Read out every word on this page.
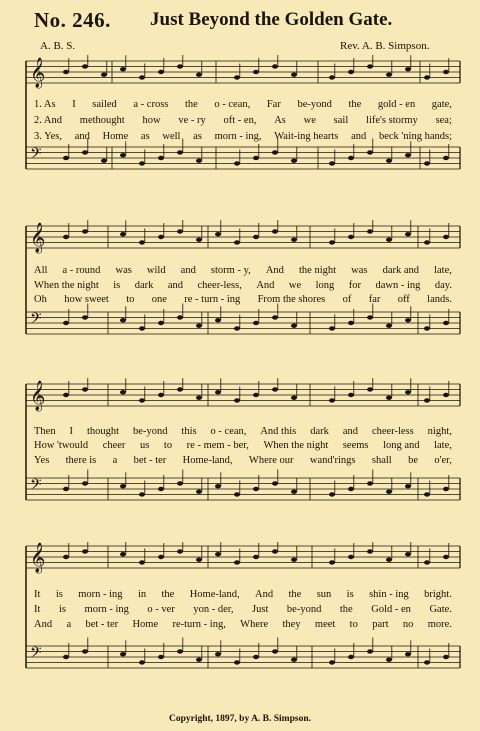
No. 246. Just Beyond the Golden Gate.
A. B. S.	Rev. A. B. Simpson.
𝄞
𝄢
1. As I sailed a - cross the o - cean, Far be-yond the gold - en gate,
2. And methought how ve - ry oft - en, As we sail life's stormy sea;
3. Yes, and Home as well as morn - ing, Wait-ing hearts and beck 'ning hands;
𝄞
𝄢
All a - round was wild and storm - y, And the night was dark and late,
When the night is dark and cheer-less, And we long for dawn - ing day.
Oh how sweet to one re - turn - ing From the shores of far off lands.
𝄞
𝄢
Then I thought be-yond this o - cean, And this dark and cheer-less night,
How 'twould cheer us to re - mem - ber, When the night seems long and late,
Yes there is a bet - ter Home-land, Where our wand'rings shall be o'er,
𝄞
𝄢
It is morn - ing in the Home-land, And the sun is shin - ing bright.
It is morn - ing o - ver yon - der, Just be-yond the Gold - en Gate.
And a bet - ter Home re-turn - ing, Where they meet to part no more.
Copyright, 1897, by A. B. Simpson.
